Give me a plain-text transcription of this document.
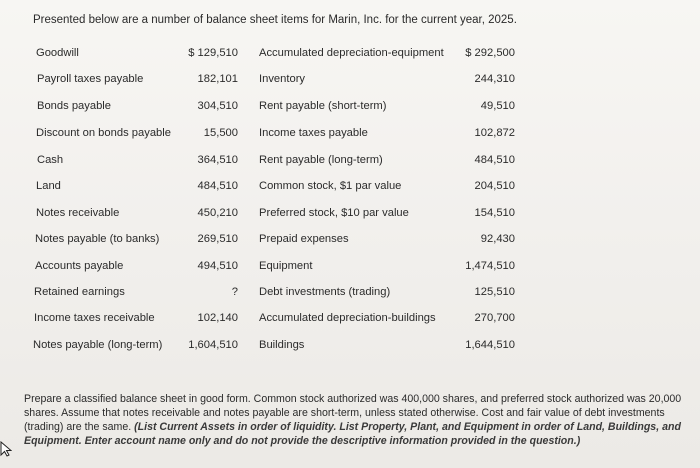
Presented below are a number of balance sheet items for Marin, Inc. for the current year, 2025.
Goodwill	$ 129,510 Accumulated depreciation-equipment	$ 292,500
Payroll taxes payable	182,101 Inventory	244,310
Bonds payable	304,510 Rent payable (short-term)	49,510
Discount on bonds payable	15,500 Income taxes payable	102,872
Cash	364,510 Rent payable (long-term)	484,510
Land	484,510 Common stock, $1 par value	204,510
Notes receivable	450,210 Preferred stock, $10 par value	154,510
Notes payable (to banks)	269,510 Prepaid expenses	92,430
Accounts payable	494,510 Equipment	1,474,510
Retained earnings	? Debt investments (trading)	125,510
Income taxes receivable	102,140 Accumulated depreciation-buildings	270,700
Notes payable (long-term)	1,604,510 Buildings	1,644,510
Prepare a classified balance sheet in good form. Common stock authorized was 400,000 shares, and preferred stock authorized was 20,000 shares. Assume that notes receivable and notes payable are short-term, unless stated otherwise. Cost and fair value of debt investments (trading) are the same. (List Current Assets in order of liquidity. List Property, Plant, and Equipment in order of Land, Buildings, and Equipment. Enter account name only and do not provide the descriptive information provided in the question.)
